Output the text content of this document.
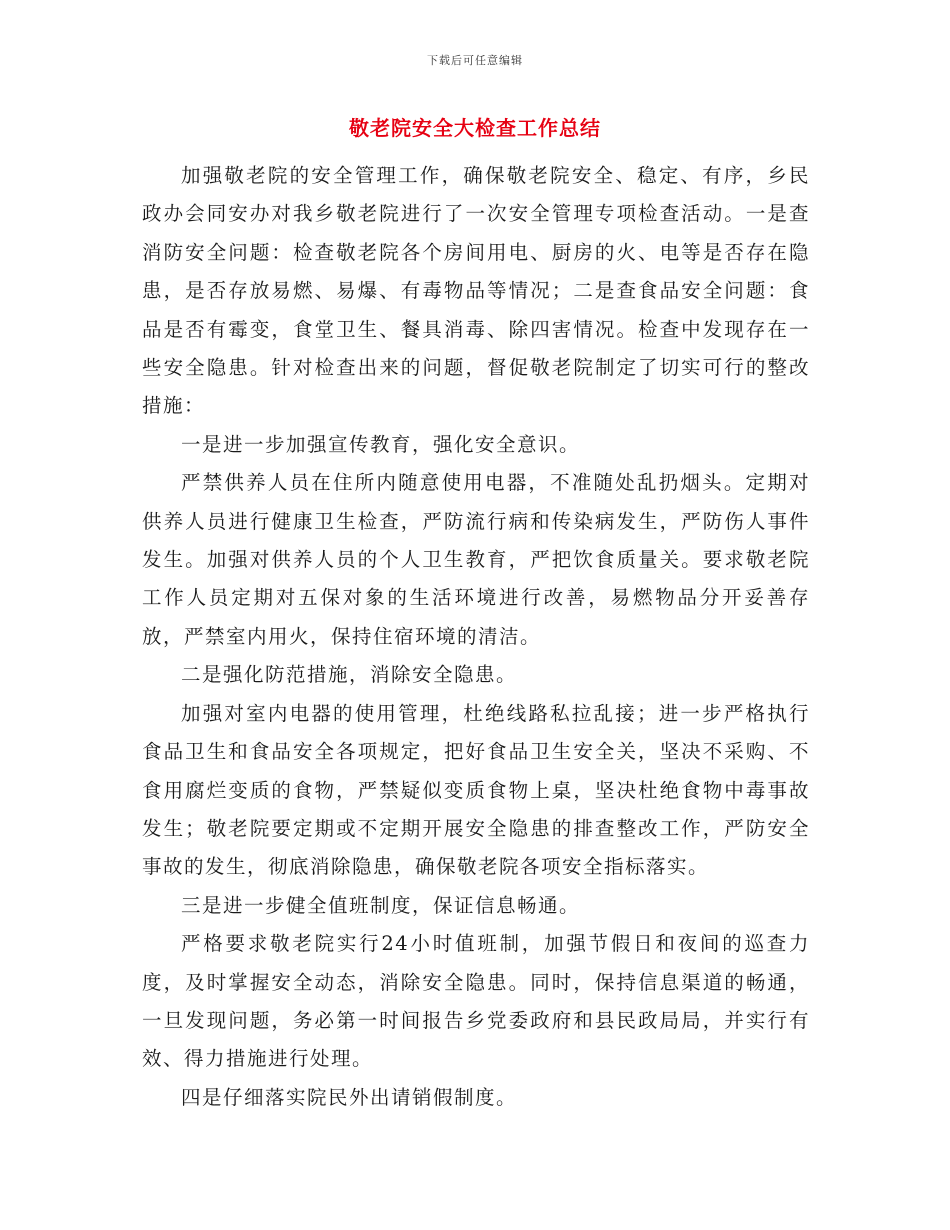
下载后可任意编辑
敬老院安全大检查工作总结

加强敬老院的安全管理工作，确保敬老院安全、稳定、有序，乡民政办会同安办对我乡敬老院进行了一次安全管理专项检查活动。一是查消防安全问题：检查敬老院各个房间用电、厨房的火、电等是否存在隐患，是否存放易燃、易爆、有毒物品等情况；二是查食品安全问题：食品是否有霉变，食堂卫生、餐具消毒、除四害情况。检查中发现存在一些安全隐患。针对检查出来的问题，督促敬老院制定了切实可行的整改措施：

一是进一步加强宣传教育，强化安全意识。

严禁供养人员在住所内随意使用电器，不准随处乱扔烟头。定期对供养人员进行健康卫生检查，严防流行病和传染病发生，严防伤人事件发生。加强对供养人员的个人卫生教育，严把饮食质量关。要求敬老院工作人员定期对五保对象的生活环境进行改善，易燃物品分开妥善存放，严禁室内用火，保持住宿环境的清洁。

二是强化防范措施，消除安全隐患。

加强对室内电器的使用管理，杜绝线路私拉乱接；进一步严格执行食品卫生和食品安全各项规定，把好食品卫生安全关，坚决不采购、不食用腐烂变质的食物，严禁疑似变质食物上桌，坚决杜绝食物中毒事故发生；敬老院要定期或不定期开展安全隐患的排查整改工作，严防安全事故的发生，彻底消除隐患，确保敬老院各项安全指标落实。

三是进一步健全值班制度，保证信息畅通。

严格要求敬老院实行24小时值班制，加强节假日和夜间的巡查力度，及时掌握安全动态，消除安全隐患。同时，保持信息渠道的畅通，一旦发现问题，务必第一时间报告乡党委政府和县民政局局，并实行有效、得力措施进行处理。

四是仔细落实院民外出请销假制度。
